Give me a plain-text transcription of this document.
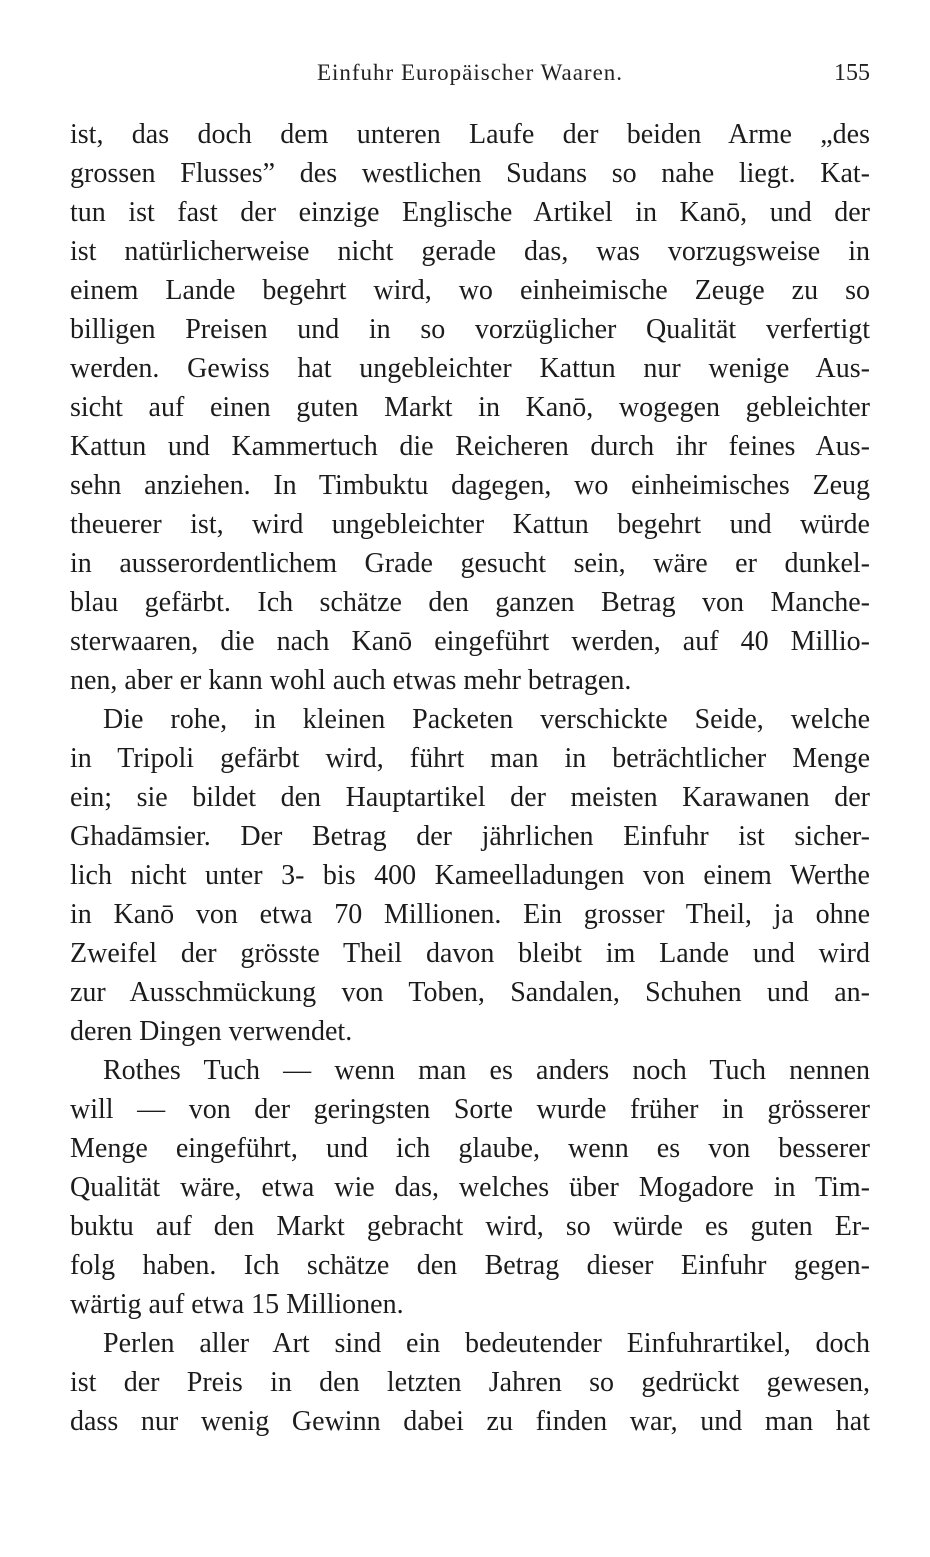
Einfuhr Europäischer Waaren.	155
ist, das doch dem unteren Laufe der beiden Arme „des
grossen Flusses” des westlichen Sudans so nahe liegt. Kat-
tun ist fast der einzige Englische Artikel in Kanō, und der
ist natürlicherweise nicht gerade das, was vorzugsweise in
einem Lande begehrt wird, wo einheimische Zeuge zu so
billigen Preisen und in so vorzüglicher Qualität verfertigt
werden. Gewiss hat ungebleichter Kattun nur wenige Aus-
sicht auf einen guten Markt in Kanō, wogegen gebleichter
Kattun und Kammertuch die Reicheren durch ihr feines Aus-
sehn anziehen. In Timbuktu dagegen, wo einheimisches Zeug
theuerer ist, wird ungebleichter Kattun begehrt und würde
in ausserordentlichem Grade gesucht sein, wäre er dunkel-
blau gefärbt. Ich schätze den ganzen Betrag von Manche-
sterwaaren, die nach Kanō eingeführt werden, auf 40 Millio-
nen, aber er kann wohl auch etwas mehr betragen.
Die rohe, in kleinen Packeten verschickte Seide, welche
in Tripoli gefärbt wird, führt man in beträchtlicher Menge
ein; sie bildet den Hauptartikel der meisten Karawanen der
Ghadāmsier. Der Betrag der jährlichen Einfuhr ist sicher-
lich nicht unter 3- bis 400 Kameelladungen von einem Werthe
in Kanō von etwa 70 Millionen. Ein grosser Theil, ja ohne
Zweifel der grösste Theil davon bleibt im Lande und wird
zur Ausschmückung von Toben, Sandalen, Schuhen und an-
deren Dingen verwendet.
Rothes Tuch — wenn man es anders noch Tuch nennen
will — von der geringsten Sorte wurde früher in grösserer
Menge eingeführt, und ich glaube, wenn es von besserer
Qualität wäre, etwa wie das, welches über Mogadore in Tim-
buktu auf den Markt gebracht wird, so würde es guten Er-
folg haben. Ich schätze den Betrag dieser Einfuhr gegen-
wärtig auf etwa 15 Millionen.
Perlen aller Art sind ein bedeutender Einfuhrartikel, doch
ist der Preis in den letzten Jahren so gedrückt gewesen,
dass nur wenig Gewinn dabei zu finden war, und man hat
